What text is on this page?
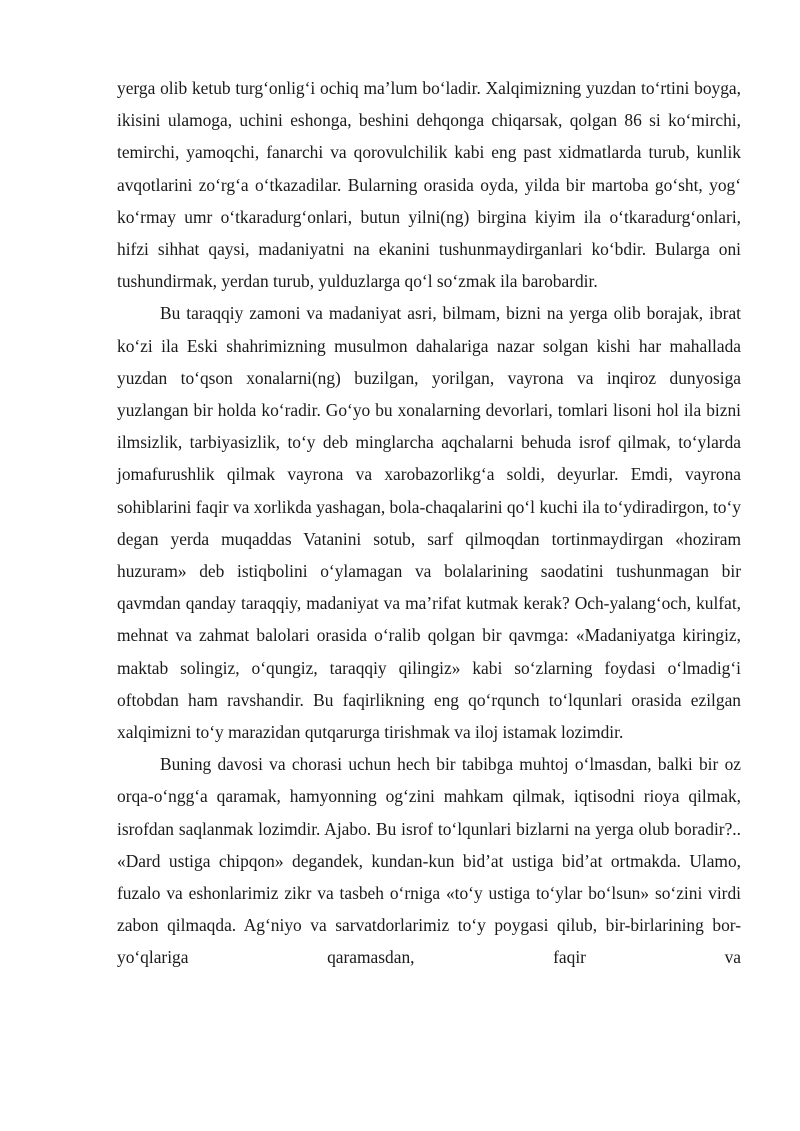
yerga olib ketub turg‘onlig‘i ochiq ma’lum bo‘ladir. Xalqimizning yuzdan to‘rtini boyga, ikisini ulamoga, uchini eshonga, beshini dehqonga chiqarsak, qolgan 86 si ko‘mirchi, temirchi, yamoqchi, fanarchi va qorovulchilik kabi eng past xidmatlarda turub, kunlik avqotlarini zo‘rg‘a o‘tkazadilar. Bularning orasida oyda, yilda bir martoba go‘sht, yog‘ ko‘rmay umr o‘tkaradurg‘onlari, butun yilni(ng) birgina kiyim ila o‘tkaradurg‘onlari, hifzi sihhat qaysi, madaniyatni na ekanini tushunmaydirganlari ko‘bdir. Bularga oni tushundirmak, yerdan turub, yulduzlarga qo‘l so‘zmak ila barobardir.

Bu taraqqiy zamoni va madaniyat asri, bilmam, bizni na yerga olib borajak, ibrat ko‘zi ila Eski shahrimizning musulmon dahalariga nazar solgan kishi har mahallada yuzdan to‘qson xonalarni(ng) buzilgan, yorilgan, vayrona va inqiroz dunyosiga yuzlangan bir holda ko‘radir. Go‘yo bu xonalarning devorlari, tomlari lisoni hol ila bizni ilmsizlik, tarbiyasizlik, to‘y deb minglarcha aqchalarni behuda isrof qilmak, to‘ylarda jomafurushlik qilmak vayrona va xarobazorlikg‘a soldi, deyurlar. Emdi, vayrona sohiblarini faqir va xorlikda yashagan, bola-chaqalarini qo‘l kuchi ila to‘ydiradirgon, to‘y degan yerda muqaddas Vatanini sotub, sarf qilmoqdan tortinmaydirgan «hoziram huzuram» deb istiqbolini o‘ylamagan va bolalarining saodatini tushunmagan bir qavmdan qanday taraqqiy, madaniyat va ma’rifat kutmak kerak? Och-yalang‘och, kulfat, mehnat va zahmat balolari orasida o‘ralib qolgan bir qavmga: «Madaniyatga kiringiz, maktab solingiz, o‘qungiz, taraqqiy qilingiz» kabi so‘zlarning foydasi o‘lmadig‘i oftobdan ham ravshandir. Bu faqirlikning eng qo‘rqunch to‘lqunlari orasida ezilgan xalqimizni to‘y marazidan qutqarurga tirishmak va iloj istamak lozimdir.

Buning davosi va chorasi uchun hech bir tabibga muhtoj o‘lmasdan, balki bir oz orqa-o‘ngg‘a qaramak, hamyonning og‘zini mahkam qilmak, iqtisodni rioya qilmak, isrofdan saqlanmak lozimdir. Ajabo. Bu isrof to‘lqunlari bizlarni na yerga olub boradir?.. «Dard ustiga chipqon» degandek, kundan-kun bid’at ustiga bid’at ortmakda. Ulamo, fuzalo va eshonlarimiz zikr va tasbeh o‘rniga «to‘y ustiga to‘ylar bo‘lsun» so‘zini virdi zabon qilmaqda. Ag‘niyo va sarvatdorlarimiz to‘y poygasi qilub, bir-birlarining bor-yo‘qlariga qaramasdan, faqir va
